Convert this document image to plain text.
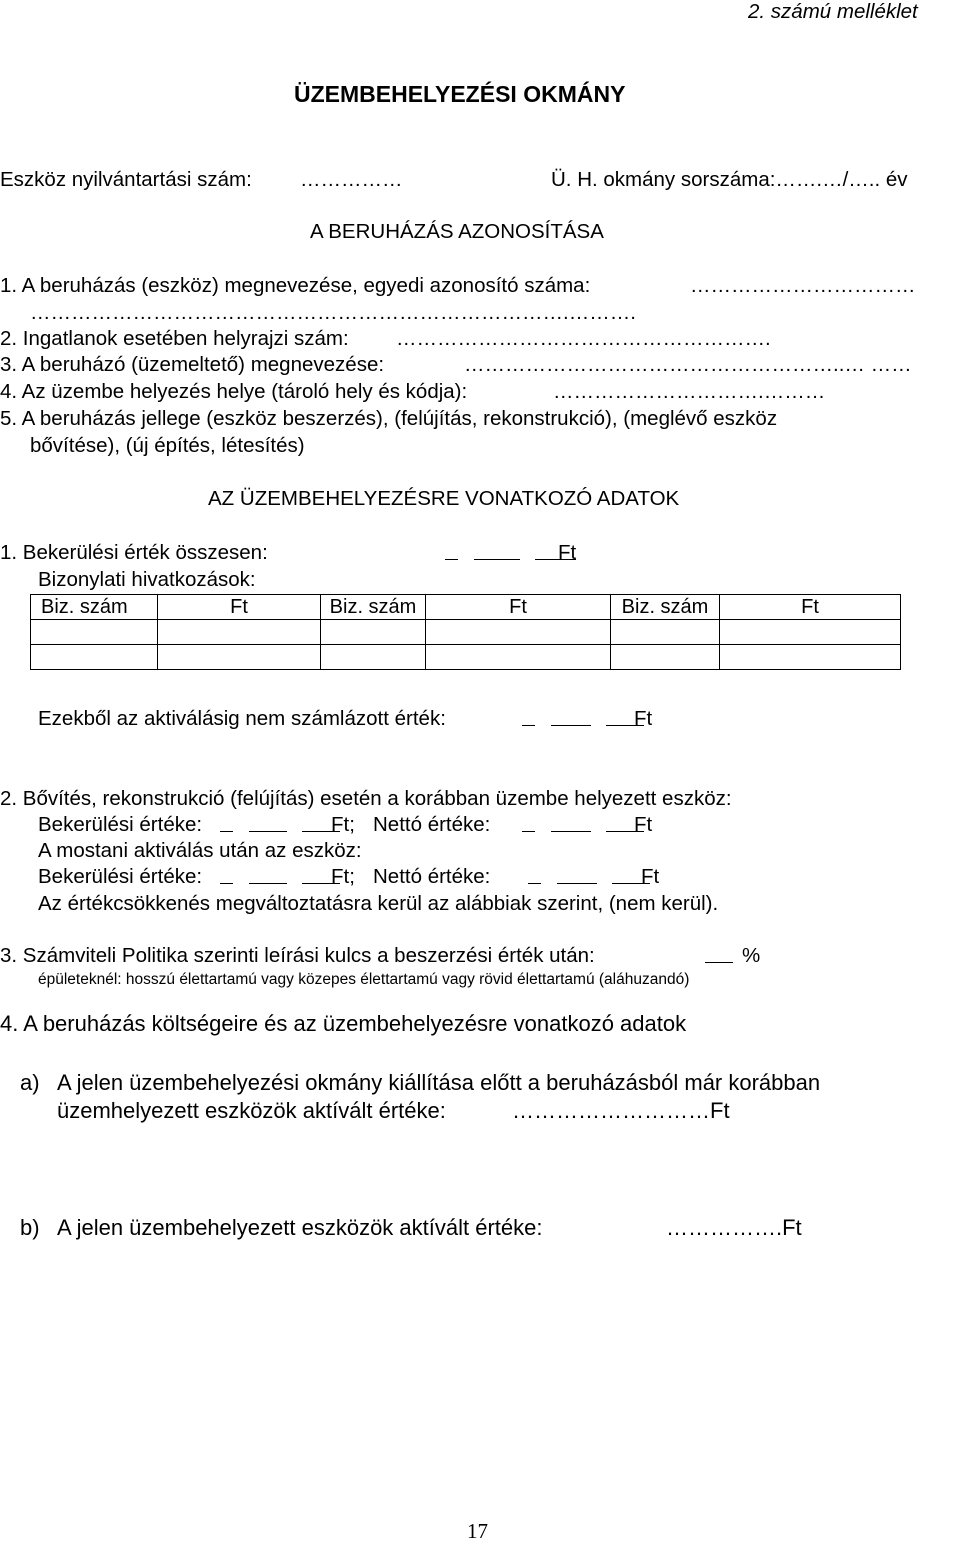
2. számú melléklet
ÜZEMBEHELYEZÉSI OKMÁNY
Eszköz nyilvántartási szám: ……………	Ü. H. okmány sorszáma:…….…/….. év
A BERUHÁZÁS AZONOSÍTÁSA
1. A beruházás (eszköz) megnevezése, egyedi azonosító száma:	……………………………
…………………………………………………………………….……….
2. Ingatlanok esetében helyrajzi szám: ……………………………………………….
3. A beruházó (üzemeltető) megnevezése:	………………………………………………..… ……
4. Az üzembe helyezés helye (tároló hely és kódja):	………………………….………
5. A beruházás jellege (eszköz beszerzés), (felújítás, rekonstrukció), (meglévő eszköz
bővítése), (új építés, létesítés)
AZ ÜZEMBEHELYEZÉSRE VONATKOZÓ ADATOK
1. Bekerülési érték összesen:
	Ft
Bizonylati hivatkozások:
Biz. szám	Ft	Biz. szám	Ft	Biz. szám	Ft

Ezekből az aktiválásig nem számlázott érték:
	Ft
2. Bővítés, rekonstrukció (felújítás) esetén a korábban üzembe helyezett eszköz:
Bekerülési értéke:
	Ft; Nettó értéke:
	Ft
A mostani aktiválás után az eszköz:
Bekerülési értéke:
	Ft; Nettó értéke:
	Ft
Az értékcsökkenés megváltoztatásra kerül az alábbiak szerint, (nem kerül).
3. Számviteli Politika szerinti leírási kulcs a beszerzési érték után:	%
épületeknél: hosszú élettartamú vagy közepes élettartamú vagy rövid élettartamú (aláhuzandó)
4. A beruházás költségeire és az üzembehelyezésre vonatkozó adatok
a) A jelen üzembehelyezési okmány kiállítása előtt a beruházásból már korábban
üzemhelyezett eszközök aktívált értéke:	………………………Ft
b) A jelen üzembehelyezett eszközök aktívált értéke:	…………….Ft
17
